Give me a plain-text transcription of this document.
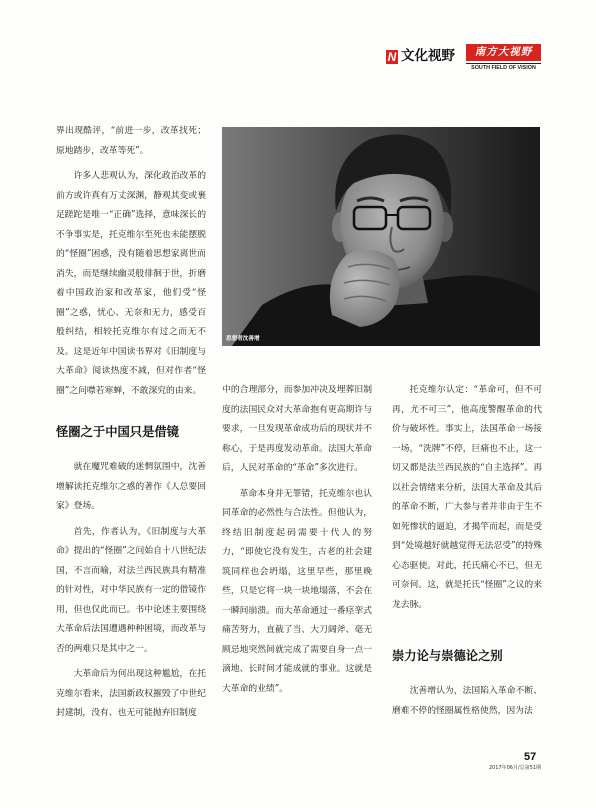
N 文化视野	南方大视野
SOUTH FIELD OF VISION
思想者沈善增

界出现酷评，“前进一步，改革找死；原地踏步，改革等死”。

许多人悲观认为，深化政治改革的前方或许真有万丈深渊，静观其变或裹足蹉跎是唯一“正确”选择，意味深长的不争事实是，托克维尔至死也未能摆脱的“怪圈”困惑，没有随着思想家离世而消失，而是继续幽灵般徘徊于世，折磨着中国政治家和改革家，他们受“怪圈”之惑，忧心、无奈和无力，感受百般纠结，相较托克维尔有过之而无不及。这是近年中国读书界对《旧制度与大革命》阅读热度不减，但对作者“怪圈”之问噤若寒蝉，不敢深究的由来。

怪圈之于中国只是借镜

就在魔咒难破的迷惘氛围中，沈善增解读托克维尔之惑的著作《人总要回家》登场。

首先，作者认为，《旧制度与大革命》提出的“怪圈”之问始自十八世纪法国，不言而喻，对法兰西民族具有精准的针对性，对中华民族有一定的借镜作用，但也仅此而已。书中论述主要围绕大革命后法国遭遇种种困境，而改革与否的两难只是其中之一。

大革命后为何出现这种尴尬，在托克维尔看来，法国新政权摧毁了中世纪封建制，没有、也无可能抛弃旧制度

中的合理部分，而参加冲决及埋葬旧制度的法国民众对大革命抱有更高期许与要求，一旦发现革命成功后的现状并不称心，于是再度发动革命。法国大革命后，人民对革命的“革命”多次进行。

革命本身并无罪错，托克维尔也认同革命的必然性与合法性。但他认为，终结旧制度起码需要十代人的努力，“即使它没有发生，古老的社会建筑同样也会坍塌，这里早些，那里晚些，只是它将一块一块地塌落，不会在一瞬间崩溃。而大革命通过一番痉挛式痛苦努力，直截了当、大刀阔斧、毫无顾忌地突然间就完成了需要自身一点一滴地、长时间才能成就的事业。这就是大革命的业绩”。

托克维尔认定：“革命可，但不可再，尤不可三”，他高度警醒革命的代价与破坏性。事实上，法国革命一场接一场，“洗牌”不停，巨痛也不止，这一切又都是法兰西民族的“自主选择”。再以社会情绪来分析，法国大革命及其后的革命不断，广大参与者并非由于生不如死惨状的逼迫，才揭竿而起，而是受到“处境越好就越觉得无法忍受”的特殊心态驱使。对此，托氏痛心不已，但无可奈何。这，就是托氏“怪圈”之议的来龙去脉。

崇力论与崇德论之别

沈善增认为，法国陷入革命不断、磨难不停的怪圈属性格使然，因为法

57
2017年06月/总第51期
